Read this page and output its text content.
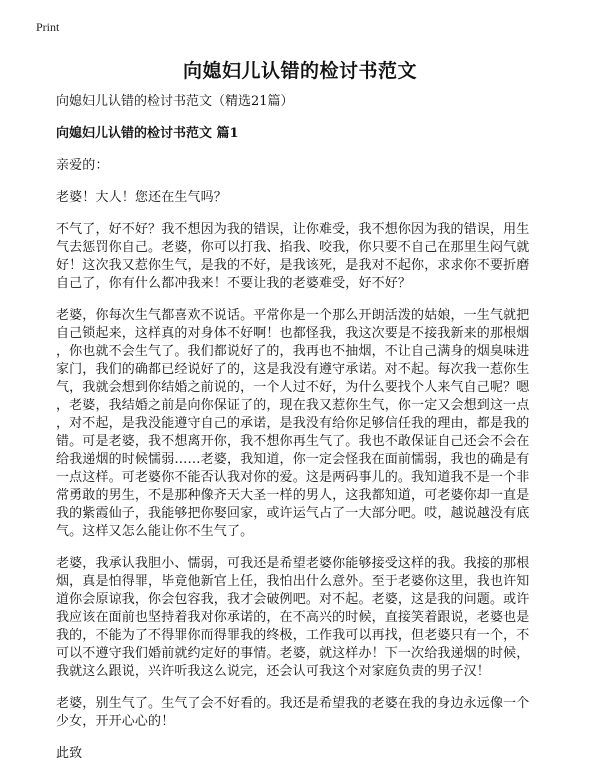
Print
向媳妇儿认错的检讨书范文

向媳妇儿认错的检讨书范文（精选21篇）

向媳妇儿认错的检讨书范文 篇1

亲爱的：

老婆！大人！您还在生气吗？

不气了，好不好？我不想因为我的错误，让你难受，我不想你因为我的错误，用生

气去惩罚你自己。老婆，你可以打我、掐我、咬我，你只要不自己在那里生闷气就

好！这次我又惹你生气，是我的不好，是我该死，是我对不起你，求求你不要折磨

自己了，你有什么都冲我来！不要让我的老婆难受，好不好？

老婆，你每次生气都喜欢不说话。平常你是一个那么开朗活泼的姑娘，一生气就把

自己锁起来，这样真的对身体不好啊！也都怪我，我这次要是不接我新来的那根烟

，你也就不会生气了。我们都说好了的，我再也不抽烟，不让自己满身的烟臭味进

家门，我们的确都已经说好了的，这是我没有遵守承诺。对不起。每次我一惹你生

气，我就会想到你结婚之前说的，一个人过不好，为什么要找个人来气自己呢？嗯

，老婆，我结婚之前是向你保证了的，现在我又惹你生气，你一定又会想到这一点

，对不起，是我没能遵守自己的承诺，是我没有给你足够信任我的理由，都是我的

错。可是老婆，我不想离开你，我不想你再生气了。我也不敢保证自己还会不会在

给我递烟的时候懦弱……老婆，我知道，你一定会怪我在面前懦弱，我也的确是有

一点这样。可老婆你不能否认我对你的爱。这是两码事儿的。我知道我不是一个非

常勇敢的男生，不是那种像齐天大圣一样的男人，这我都知道，可老婆你却一直是

我的紫霞仙子，我能够把你娶回家，或许运气占了一大部分吧。哎，越说越没有底

气。这样又怎么能让你不生气了。

老婆，我承认我胆小、懦弱，可我还是希望老婆你能够接受这样的我。我接的那根

烟，真是怕得罪，毕竟他新官上任，我怕出什么意外。至于老婆你这里，我也许知

道你会原谅我，你会包容我，我才会破例吧。对不起。老婆，这是我的问题。或许

我应该在面前也坚持着我对你承诺的，在不高兴的时候，直接笑着跟说，老婆也是

我的，不能为了不得罪你而得罪我的终极，工作我可以再找，但老婆只有一个，不

可以不遵守我们婚前就约定好的事情。老婆，就这样办！下一次给我递烟的时候，

我就这么跟说，兴许听我这么说完，还会认可我这个对家庭负责的男子汉！

老婆，别生气了。生气了会不好看的。我还是希望我的老婆在我的身边永远像一个

少女，开开心心的！

此致
